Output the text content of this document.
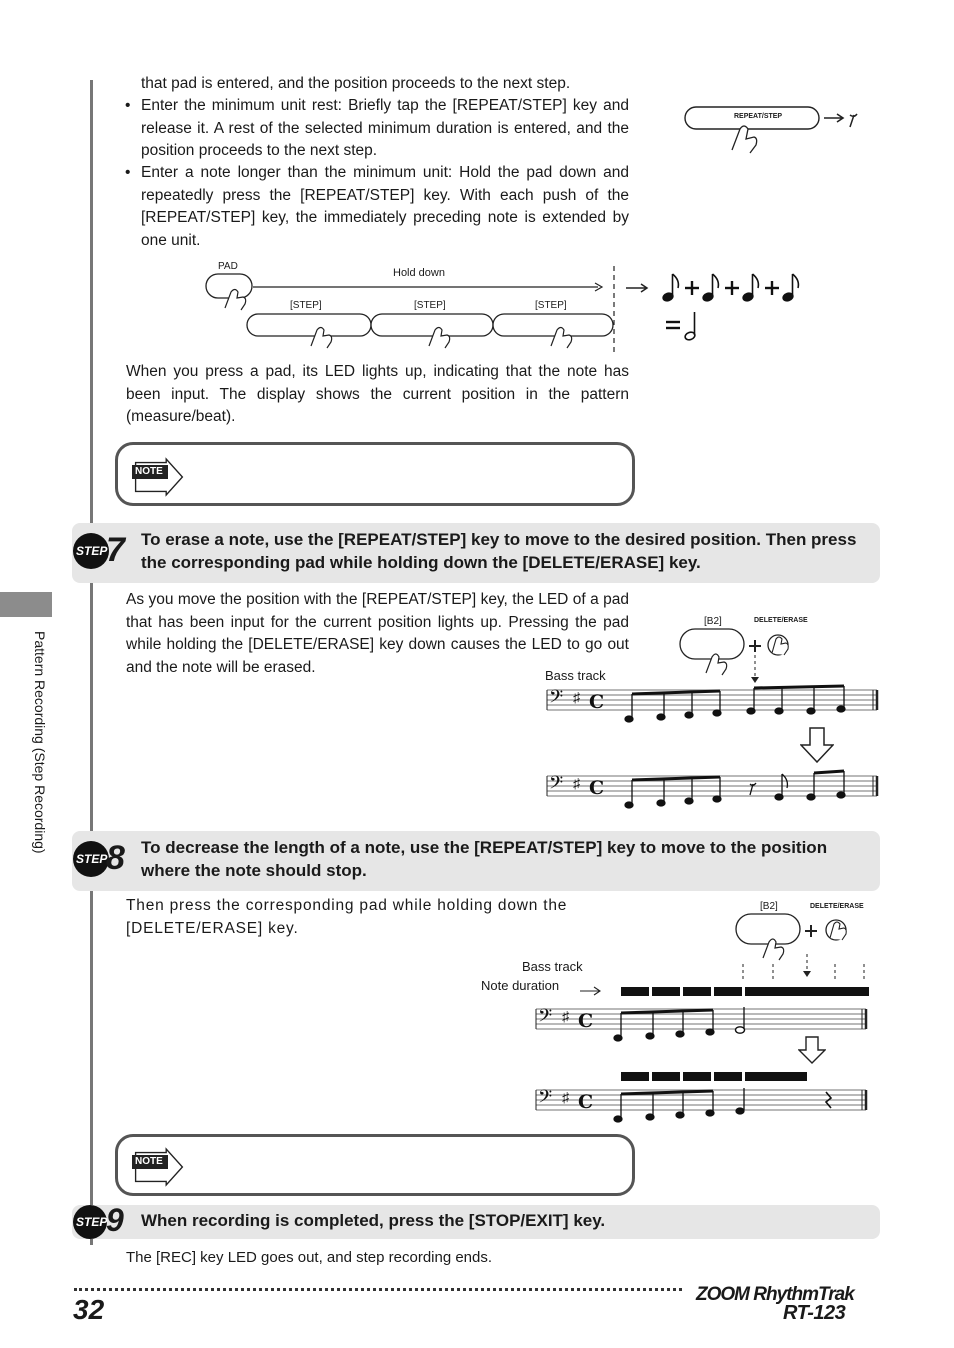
Pattern Recording (Step Recording)
that pad is entered, and the position proceeds to the next step.
• Enter the minimum unit rest: Briefly tap the [REPEAT/STEP] key and release it. A rest of the selected minimum duration is entered, and the position proceeds to the next step.
• Enter a note longer than the minimum unit: Hold the pad down and repeatedly press the [REPEAT/STEP] key. With each push of the [REPEAT/STEP] key, the immediately preceding note is extended by one unit.
REPEAT/STEP
PAD
Hold down
[STEP]	[STEP]	[STEP]
When you press a pad, its LED lights up, indicating that the note has been input. The display shows the current position in the pattern (measure/beat).
NOTE
STEP
7 To erase a note, use the [REPEAT/STEP] key to move to the desired position. Then press the corresponding pad while holding down the [DELETE/ERASE] key.
As you move the position with the [REPEAT/STEP] key, the LED of a pad that has been input for the current position lights up. Pressing the pad while holding the [DELETE/ERASE] key down causes the LED to go out and the note will be erased.
[B2]	DELETE/ERASE
Bass track
𝄢 ♯ C
𝄢 ♯ C
STEP
8 To decrease the length of a note, use the [REPEAT/STEP] key to move to the position where the note should stop.
Then press the corresponding pad while holding down the [DELETE/ERASE] key.
[B2]	DELETE/ERASE
Bass track
Note duration
𝄢 ♯ C
𝄢 ♯ C
NOTE
STEP
9 When recording is completed, press the [STOP/EXIT] key.
The [REC] key LED goes out, and step recording ends.
32	ZOOM RhythmTrak
RT-123
